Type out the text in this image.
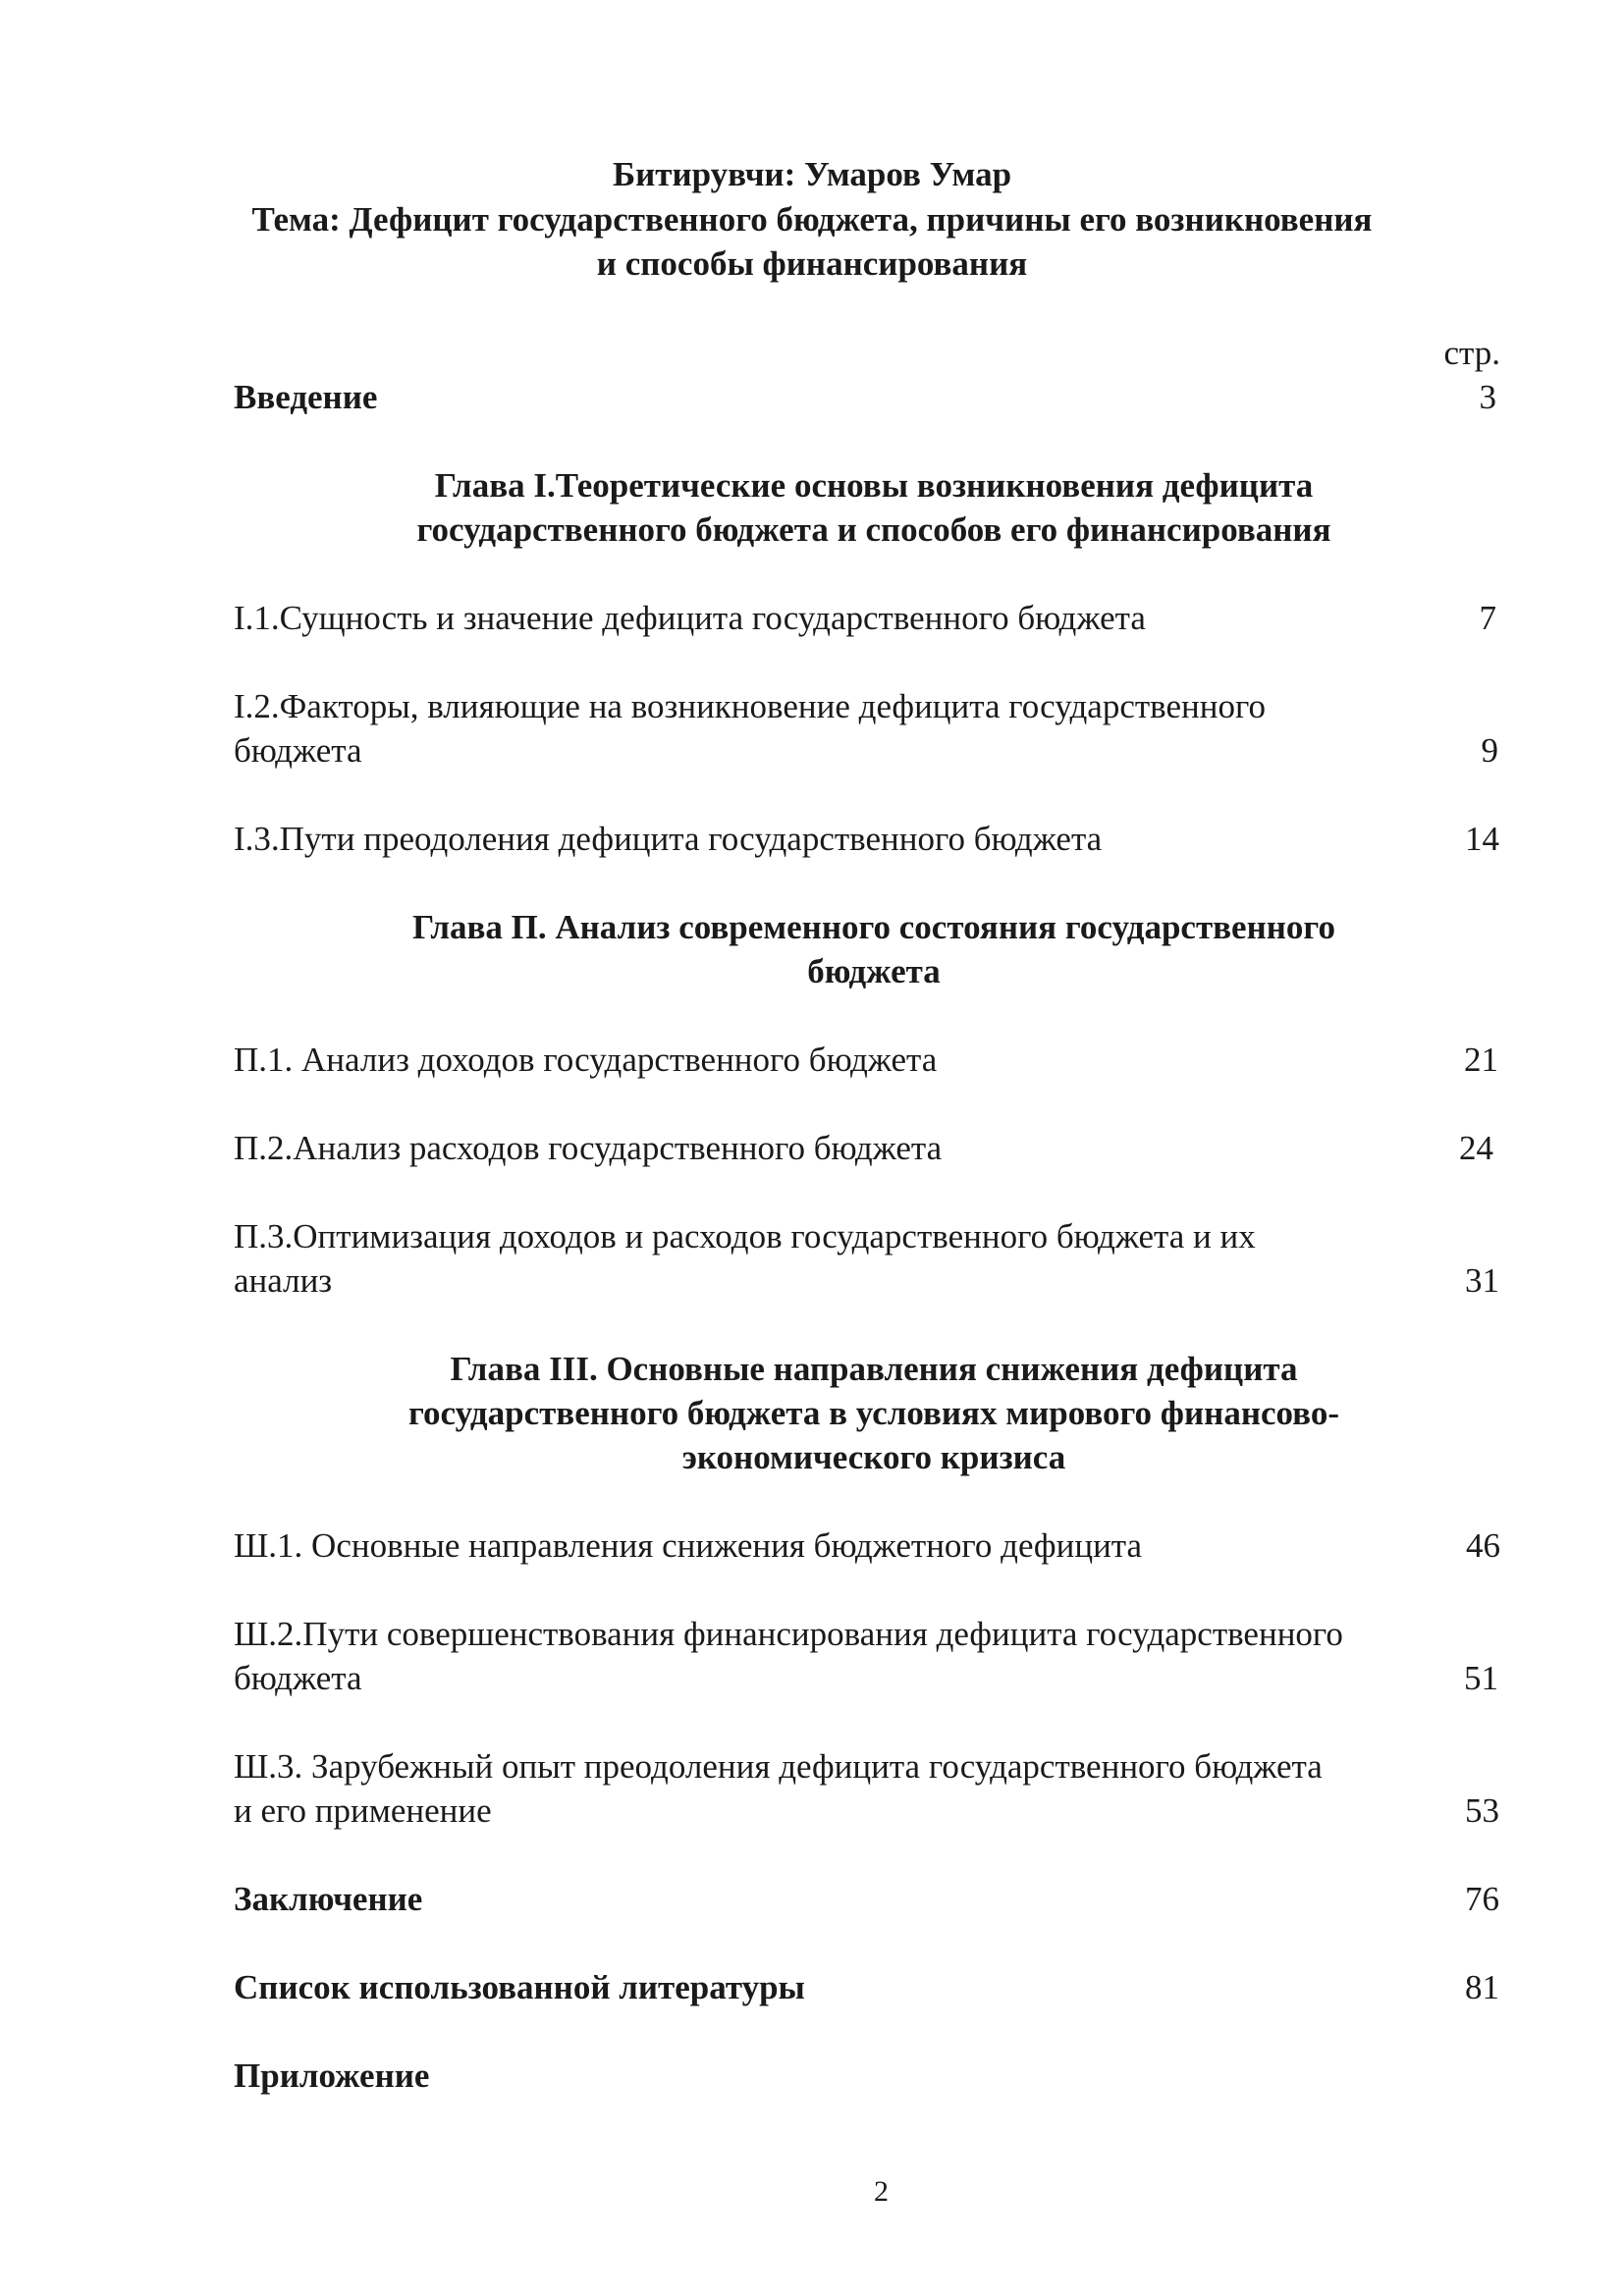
Битирувчи: Умаров Умар
Тема: Дефицит государственного бюджета, причины его возникновения
и способы финансирования
стр.
Введение	3
Глава I.Теоретические основы возникновения дефицита
государственного бюджета и способов его финансирования
I.1.Сущность и значение дефицита государственного бюджета	7
I.2.Факторы, влияющие на возникновение дефицита государственного
бюджета	9
I.3.Пути преодоления дефицита государственного бюджета	14
Глава П. Анализ современного состояния государственного
бюджета
П.1. Анализ доходов государственного бюджета	21
П.2.Анализ расходов государственного бюджета	24
П.3.Оптимизация доходов и расходов государственного бюджета и их
анализ	31
Глава III. Основные направления снижения дефицита
государственного бюджета в условиях мирового финансово-
экономического кризиса
Ш.1. Основные направления снижения бюджетного дефицита	46
Ш.2.Пути совершенствования финансирования дефицита государственного
бюджета	51
Ш.3. Зарубежный опыт преодоления дефицита государственного бюджета
и его применение	53
Заключение	76
Список использованной литературы	81
Приложение
2
